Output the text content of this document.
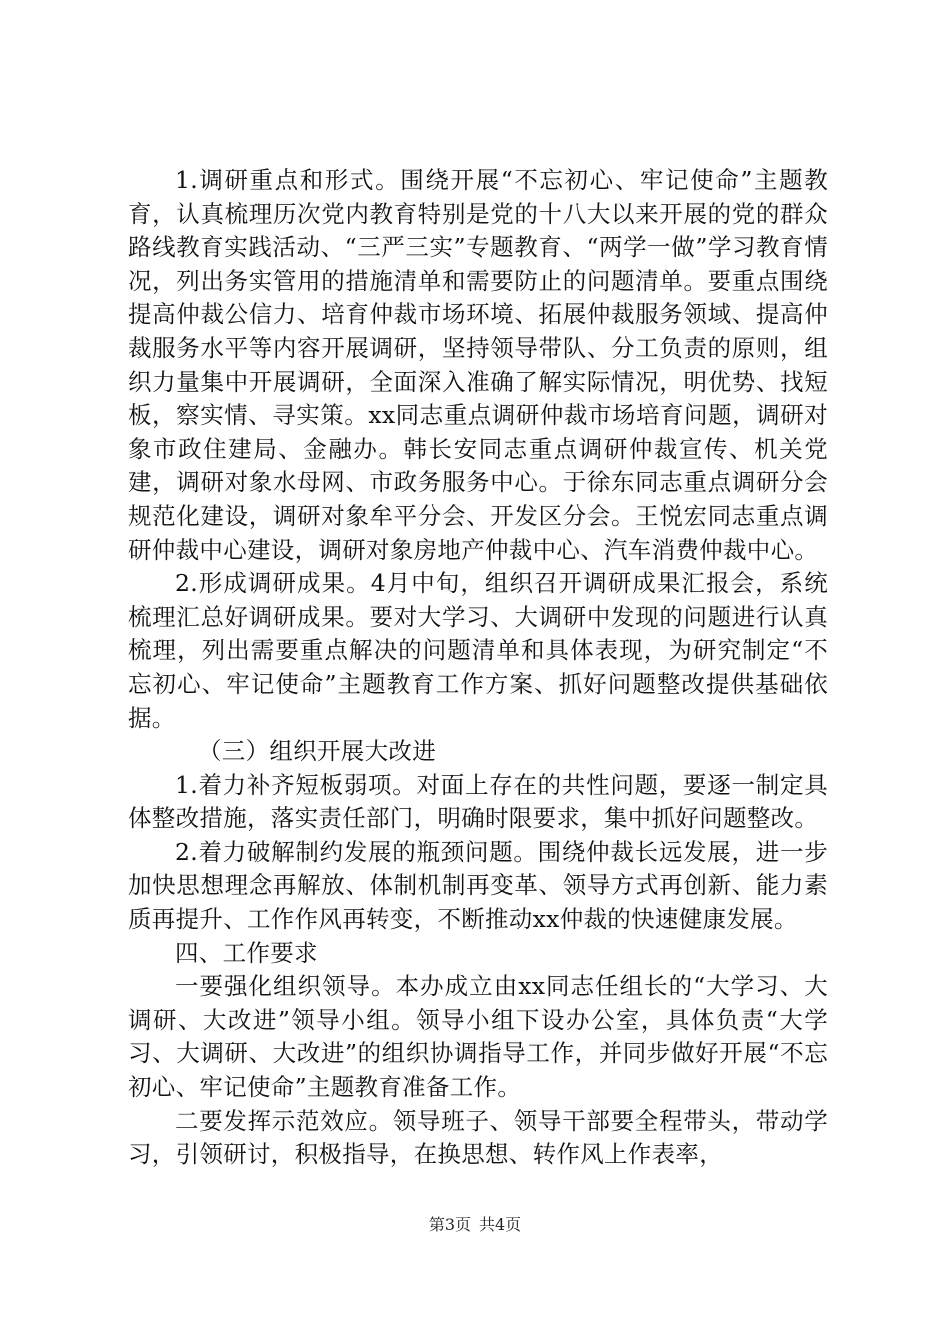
1.调研重点和形式。围绕开展“不忘初心、牢记使命”主题教育，认真梳理历次党内教育特别是党的十八大以来开展的党的群众路线教育实践活动、“三严三实”专题教育、“两学一做”学习教育情况，列出务实管用的措施清单和需要防止的问题清单。要重点围绕提高仲裁公信力、培育仲裁市场环境、拓展仲裁服务领域、提高仲裁服务水平等内容开展调研，坚持领导带队、分工负责的原则，组织力量集中开展调研，全面深入准确了解实际情况，明优势、找短板，察实情、寻实策。xx同志重点调研仲裁市场培育问题，调研对象市政住建局、金融办。韩长安同志重点调研仲裁宣传、机关党建，调研对象水母网、市政务服务中心。于徐东同志重点调研分会规范化建设，调研对象牟平分会、开发区分会。王悦宏同志重点调研仲裁中心建设，调研对象房地产仲裁中心、汽车消费仲裁中心。

2.形成调研成果。4月中旬，组织召开调研成果汇报会，系统梳理汇总好调研成果。要对大学习、大调研中发现的问题进行认真梳理，列出需要重点解决的问题清单和具体表现，为研究制定“不忘初心、牢记使命”主题教育工作方案、抓好问题整改提供基础依据。

（三）组织开展大改进

1.着力补齐短板弱项。对面上存在的共性问题，要逐一制定具体整改措施，落实责任部门，明确时限要求，集中抓好问题整改。

2.着力破解制约发展的瓶颈问题。围绕仲裁长远发展，进一步加快思想理念再解放、体制机制再变革、领导方式再创新、能力素质再提升、工作作风再转变，不断推动xx仲裁的快速健康发展。

四、工作要求

一要强化组织领导。本办成立由xx同志任组长的“大学习、大调研、大改进”领导小组。领导小组下设办公室，具体负责“大学习、大调研、大改进”的组织协调指导工作，并同步做好开展“不忘初心、牢记使命”主题教育准备工作。

二要发挥示范效应。领导班子、领导干部要全程带头，带动学习，引领研讨，积极指导，在换思想、转作风上作表率，

第3页 共4页
